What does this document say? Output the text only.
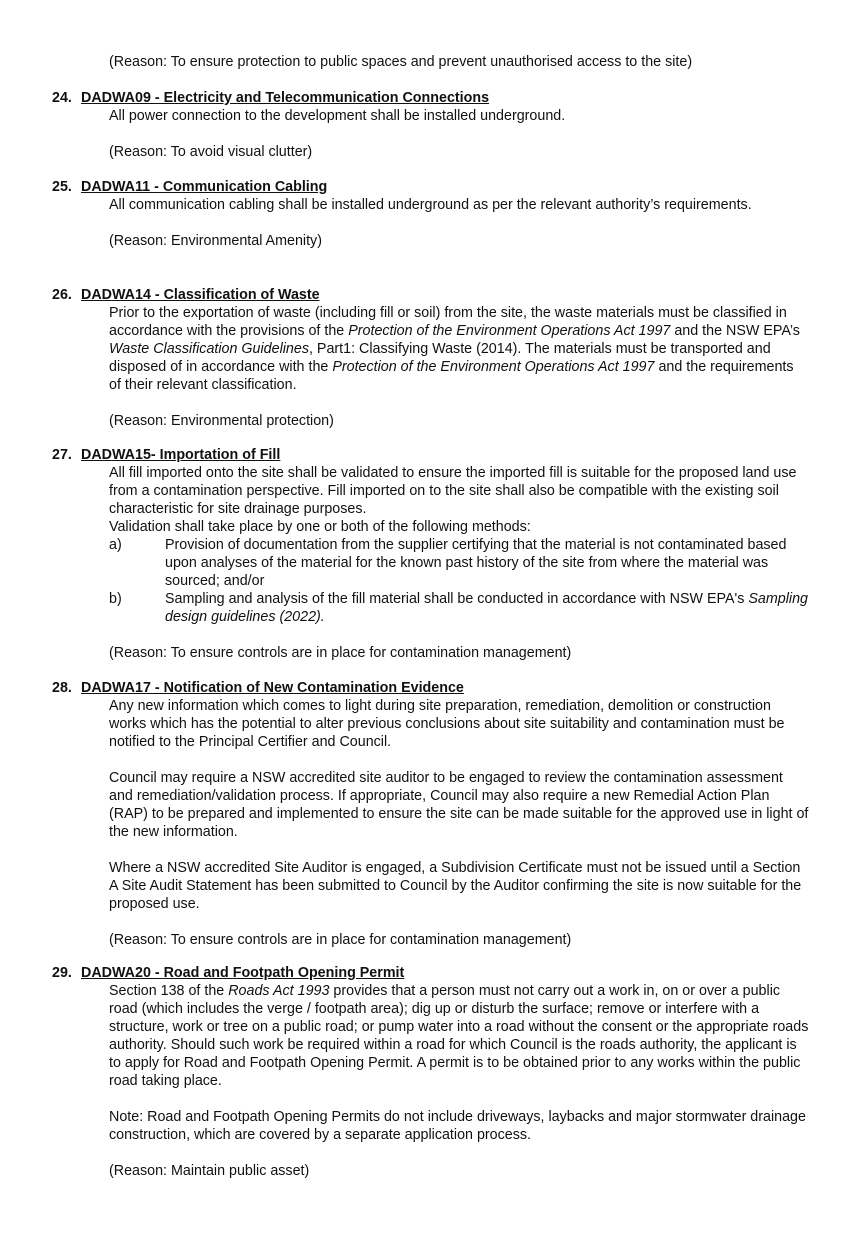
(Reason: To ensure protection to public spaces and prevent unauthorised access to the site)

24. DADWA09 - Electricity and Telecommunication Connections

All power connection to the development shall be installed underground.

(Reason: To avoid visual clutter)

25. DADWA11 - Communication Cabling

All communication cabling shall be installed underground as per the relevant authority’s requirements.

(Reason: Environmental Amenity)

26. DADWA14 - Classification of Waste

Prior to the exportation of waste (including fill or soil) from the site, the waste materials must be classified in accordance with the provisions of the Protection of the Environment Operations Act 1997 and the NSW EPA’s Waste Classification Guidelines, Part1: Classifying Waste (2014). The materials must be transported and disposed of in accordance with the Protection of the Environment Operations Act 1997 and the requirements of their relevant classification.

(Reason: Environmental protection)

27. DADWA15- Importation of Fill

All fill imported onto the site shall be validated to ensure the imported fill is suitable for the proposed land use from a contamination perspective. Fill imported on to the site shall also be compatible with the existing soil characteristic for site drainage purposes.

Validation shall take place by one or both of the following methods:

a)	Provision of documentation from the supplier certifying that the material is not contaminated based upon analyses of the material for the known past history of the site from where the material was sourced; and/or
b)	Sampling and analysis of the fill material shall be conducted in accordance with NSW EPA's Sampling design guidelines (2022).

(Reason: To ensure controls are in place for contamination management)

28. DADWA17 - Notification of New Contamination Evidence

Any new information which comes to light during site preparation, remediation, demolition or construction works which has the potential to alter previous conclusions about site suitability and contamination must be notified to the Principal Certifier and Council.

Council may require a NSW accredited site auditor to be engaged to review the contamination assessment and remediation/validation process. If appropriate, Council may also require a new Remedial Action Plan (RAP) to be prepared and implemented to ensure the site can be made suitable for the approved use in light of the new information.

Where a NSW accredited Site Auditor is engaged, a Subdivision Certificate must not be issued until a Section A Site Audit Statement has been submitted to Council by the Auditor confirming the site is now suitable for the proposed use.

(Reason: To ensure controls are in place for contamination management)

29. DADWA20 - Road and Footpath Opening Permit

Section 138 of the Roads Act 1993 provides that a person must not carry out a work in, on or over a public road (which includes the verge / footpath area); dig up or disturb the surface; remove or interfere with a structure, work or tree on a public road; or pump water into a road without the consent or the appropriate roads authority. Should such work be required within a road for which Council is the roads authority, the applicant is to apply for Road and Footpath Opening Permit. A permit is to be obtained prior to any works within the public road taking place.

Note: Road and Footpath Opening Permits do not include driveways, laybacks and major stormwater drainage construction, which are covered by a separate application process.

(Reason: Maintain public asset)
